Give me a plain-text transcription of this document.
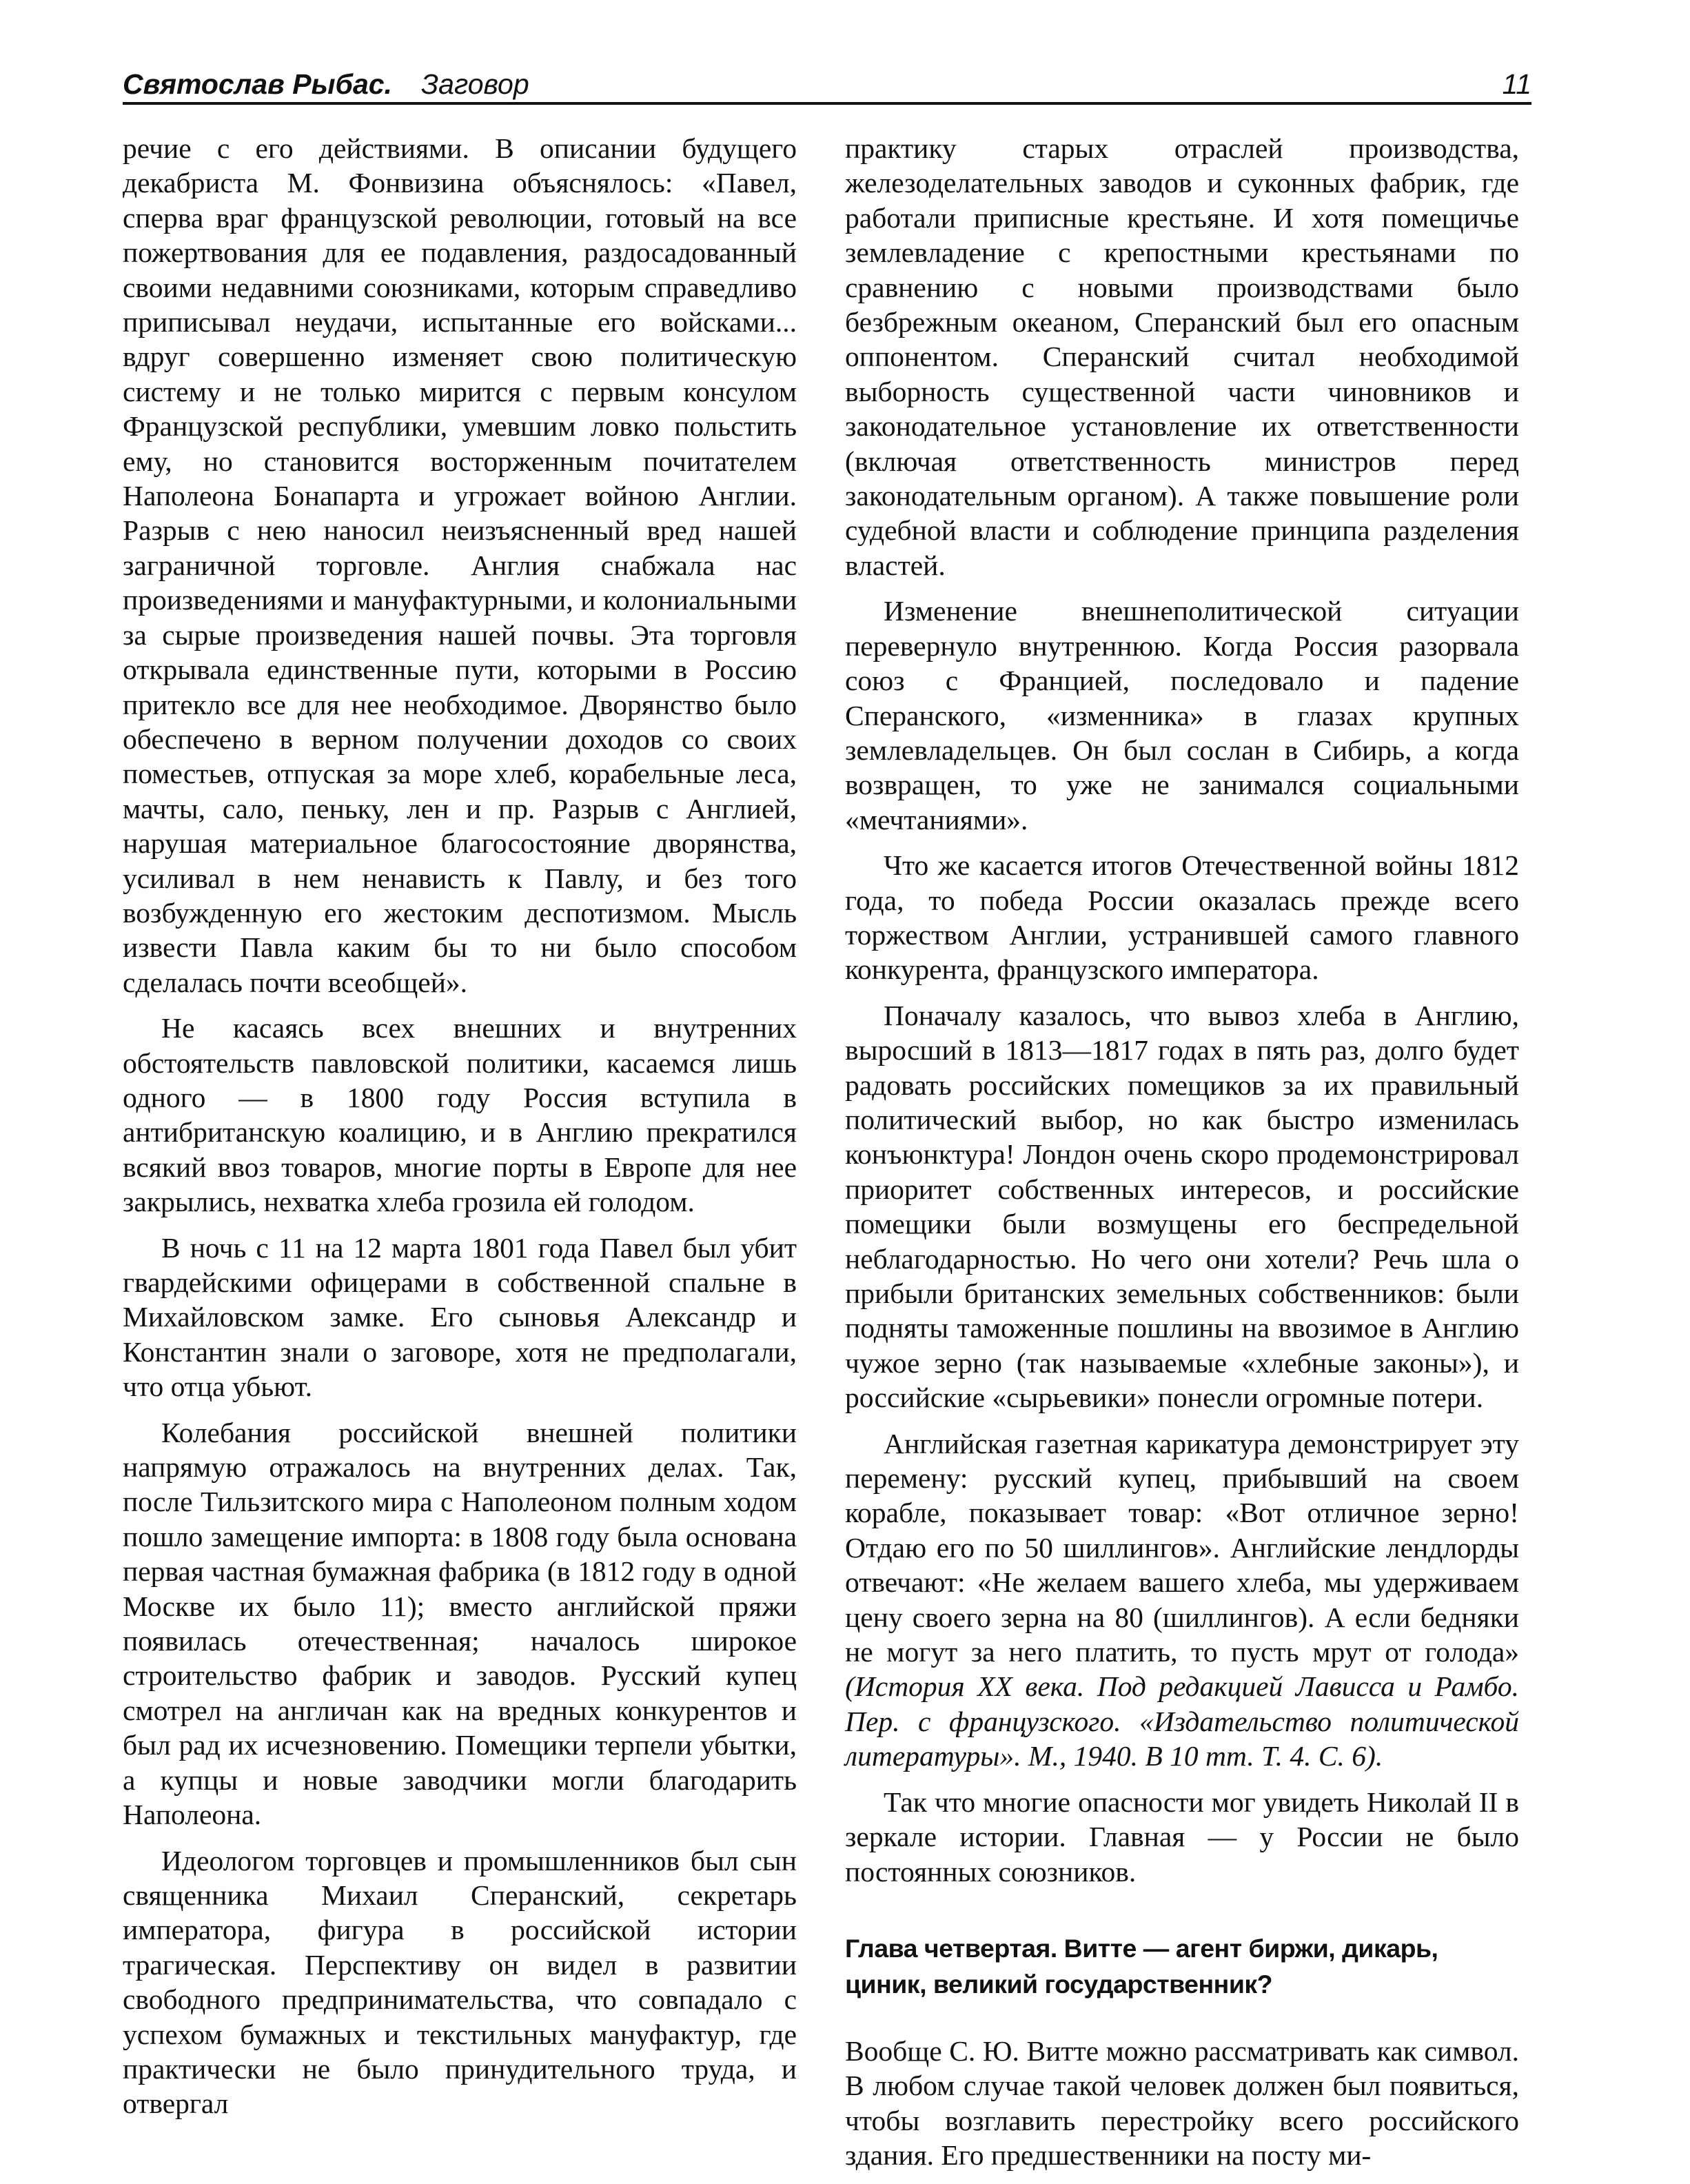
Святослав Рыбас. Заговор	11

речие с его действиями. В описании будущего декабриста М. Фонвизина объяснялось: «Павел, сперва враг французской революции, готовый на все пожертвования для ее подавления, раздосадованный своими недавними союзниками, которым справедливо приписывал неудачи, испытанные его войсками... вдруг совершенно изменяет свою политическую систему и не только мирится с первым консулом Французской республики, умевшим ловко польстить ему, но становится восторженным почитателем Наполеона Бонапарта и угрожает войною Англии. Разрыв с нею наносил неизъясненный вред нашей заграничной торговле. Англия снабжала нас произведениями и мануфактурными, и колониальными за сырые произведения нашей почвы. Эта торговля открывала единственные пути, которыми в Россию притекло все для нее необходимое. Дворянство было обеспечено в верном получении доходов со своих поместьев, отпуская за море хлеб, корабельные леса, мачты, сало, пеньку, лен и пр. Разрыв с Англией, нарушая материальное благосостояние дворянства, усиливал в нем ненависть к Павлу, и без того возбужденную его жестоким деспотизмом. Мысль извести Павла каким бы то ни было способом сделалась почти всеобщей».

Не касаясь всех внешних и внутренних обстоятельств павловской политики, касаемся лишь одного — в 1800 году Россия вступила в антибританскую коалицию, и в Англию прекратился всякий ввоз товаров, многие порты в Европе для нее закрылись, нехватка хлеба грозила ей голодом.

В ночь с 11 на 12 марта 1801 года Павел был убит гвардейскими офицерами в собственной спальне в Михайловском замке. Его сыновья Александр и Константин знали о заговоре, хотя не предполагали, что отца убьют.

Колебания российской внешней политики напрямую отражалось на внутренних делах. Так, после Тильзитского мира с Наполеоном полным ходом пошло замещение импорта: в 1808 году была основана первая частная бумажная фабрика (в 1812 году в одной Москве их было 11); вместо английской пряжи появилась отечественная; началось широкое строительство фабрик и заводов. Русский купец смотрел на англичан как на вредных конкурентов и был рад их исчезновению. Помещики терпели убытки, а купцы и новые заводчики могли благодарить Наполеона.

Идеологом торговцев и промышленников был сын священника Михаил Сперанский, секретарь императора, фигура в российской истории трагическая. Перспективу он видел в развитии свободного предпринимательства, что совпадало с успехом бумажных и текстильных мануфактур, где практически не было принудительного труда, и отвергал

практику старых отраслей производства, железоделательных заводов и суконных фабрик, где работали приписные крестьяне. И хотя помещичье землевладение с крепостными крестьянами по сравнению с новыми производствами было безбрежным океаном, Сперанский был его опасным оппонентом. Сперанский считал необходимой выборность существенной части чиновников и законодательное установление их ответственности (включая ответственность министров перед законодательным органом). А также повышение роли судебной власти и соблюдение принципа разделения властей.

Изменение внешнеполитической ситуации перевернуло внутреннюю. Когда Россия разорвала союз с Францией, последовало и падение Сперанского, «изменника» в глазах крупных землевладельцев. Он был сослан в Сибирь, а когда возвращен, то уже не занимался социальными «мечтаниями».

Что же касается итогов Отечественной войны 1812 года, то победа России оказалась прежде всего торжеством Англии, устранившей самого главного конкурента, французского императора.

Поначалу казалось, что вывоз хлеба в Англию, выросший в 1813—1817 годах в пять раз, долго будет радовать российских помещиков за их правильный политический выбор, но как быстро изменилась конъюнктура! Лондон очень скоро продемонстрировал приоритет собственных интересов, и российские помещики были возмущены его беспредельной неблагодарностью. Но чего они хотели? Речь шла о прибыли британских земельных собственников: были подняты таможенные пошлины на ввозимое в Англию чужое зерно (так называемые «хлебные законы»), и российские «сырьевики» понесли огромные потери.

Английская газетная карикатура демонстрирует эту перемену: русский купец, прибывший на своем корабле, показывает товар: «Вот отличное зерно! Отдаю его по 50 шиллингов». Английские лендлорды отвечают: «Не желаем вашего хлеба, мы удерживаем цену своего зерна на 80 (шиллингов). А если бедняки не могут за него платить, то пусть мрут от голода» (История XX века. Под редакцией Лависса и Рамбо. Пер. с французского. «Издательство политической литературы». М., 1940. В 10 тт. Т. 4. С. 6).

Так что многие опасности мог увидеть Николай II в зеркале истории. Главная — у России не было постоянных союзников.

Глава четвертая. Витте — агент биржи, дикарь, циник, великий государственник?

Вообще С. Ю. Витте можно рассматривать как символ. В любом случае такой человек должен был появиться, чтобы возглавить перестройку всего российского здания. Его предшественники на посту ми-
